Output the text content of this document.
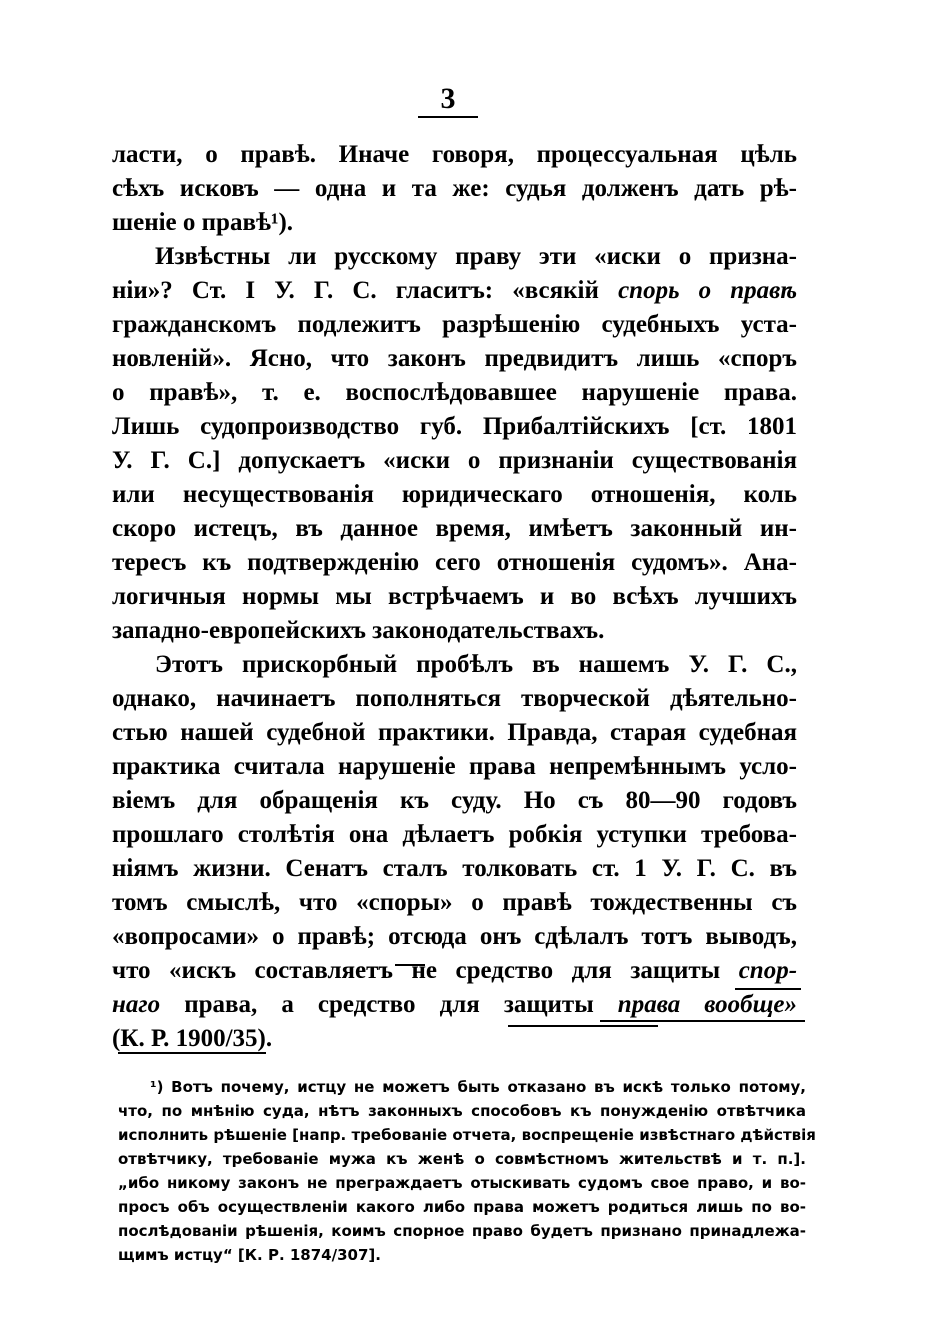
3
ласти, о правѣ. Иначе говоря, процессуальная цѣль
сѣхъ исковъ — одна и та же: судья долженъ дать рѣ-
шеніе о правѣ¹).
Извѣстны ли русскому праву эти «иски о призна-
ніи»? Ст. I У. Г. С. гласитъ: «всякій спорь о правѣ
гражданскомъ подлежитъ разрѣшенію судебныхъ уста-
новленій». Ясно, что законъ предвидитъ лишь «споръ
о правѣ», т. е. воспослѣдовавшее нарушеніе права.
Лишь судопроизводство губ. Прибалтійскихъ [ст. 1801
У. Г. С.] допускаетъ «иски о признаніи существованія
или несуществованія юридическаго отношенія, коль
скоро истецъ, въ данное время, имѣетъ законный ин-
тересъ къ подтвержденію сего отношенія судомъ». Ана-
логичныя нормы мы встрѣчаемъ и во всѣхъ лучшихъ
западно-европейскихъ законодательствахъ.
Этотъ прискорбный пробѣлъ въ нашемъ У. Г. С.,
однако, начинаетъ пополняться творческой дѣятельно-
стью нашей судебной практики. Правда, старая судебная
практика считала нарушеніе права непремѣннымъ усло-
віемъ для обращенія къ суду. Но съ 80—90 годовъ
прошлаго столѣтія она дѣлаетъ робкія уступки требова-
ніямъ жизни. Сенатъ сталъ толковать ст. 1 У. Г. С. въ
томъ смыслѣ, что «споры» о правѣ тождественны съ
«вопросами» о правѣ; отсюда онъ сдѣлалъ тотъ выводъ,
что «искъ составляетъ не средство для защиты спор-
наго права, а средство для защиты права вообще»
(К. Р. 1900/35).
¹) Вотъ почему, истцу не можетъ быть отказано въ искѣ только потому,
что, по мнѣнію суда, нѣтъ законныхъ способовъ къ понужденію отвѣтчика
исполнить рѣшеніе [напр. требованіе отчета, воспрещеніе извѣстнаго дѣйствія
отвѣтчику, требованіе мужа къ женѣ о совмѣстномъ жительствѣ и т. п.].
„ибо никому законъ не преграждаетъ отыскивать судомъ свое право, и во-
просъ объ осуществленіи какого либо права можетъ родиться лишь по во-
послѣдованіи рѣшенія, коимъ спорное право будетъ признано принадлежа-
щимъ истцу“ [К. Р. 1874/307].
